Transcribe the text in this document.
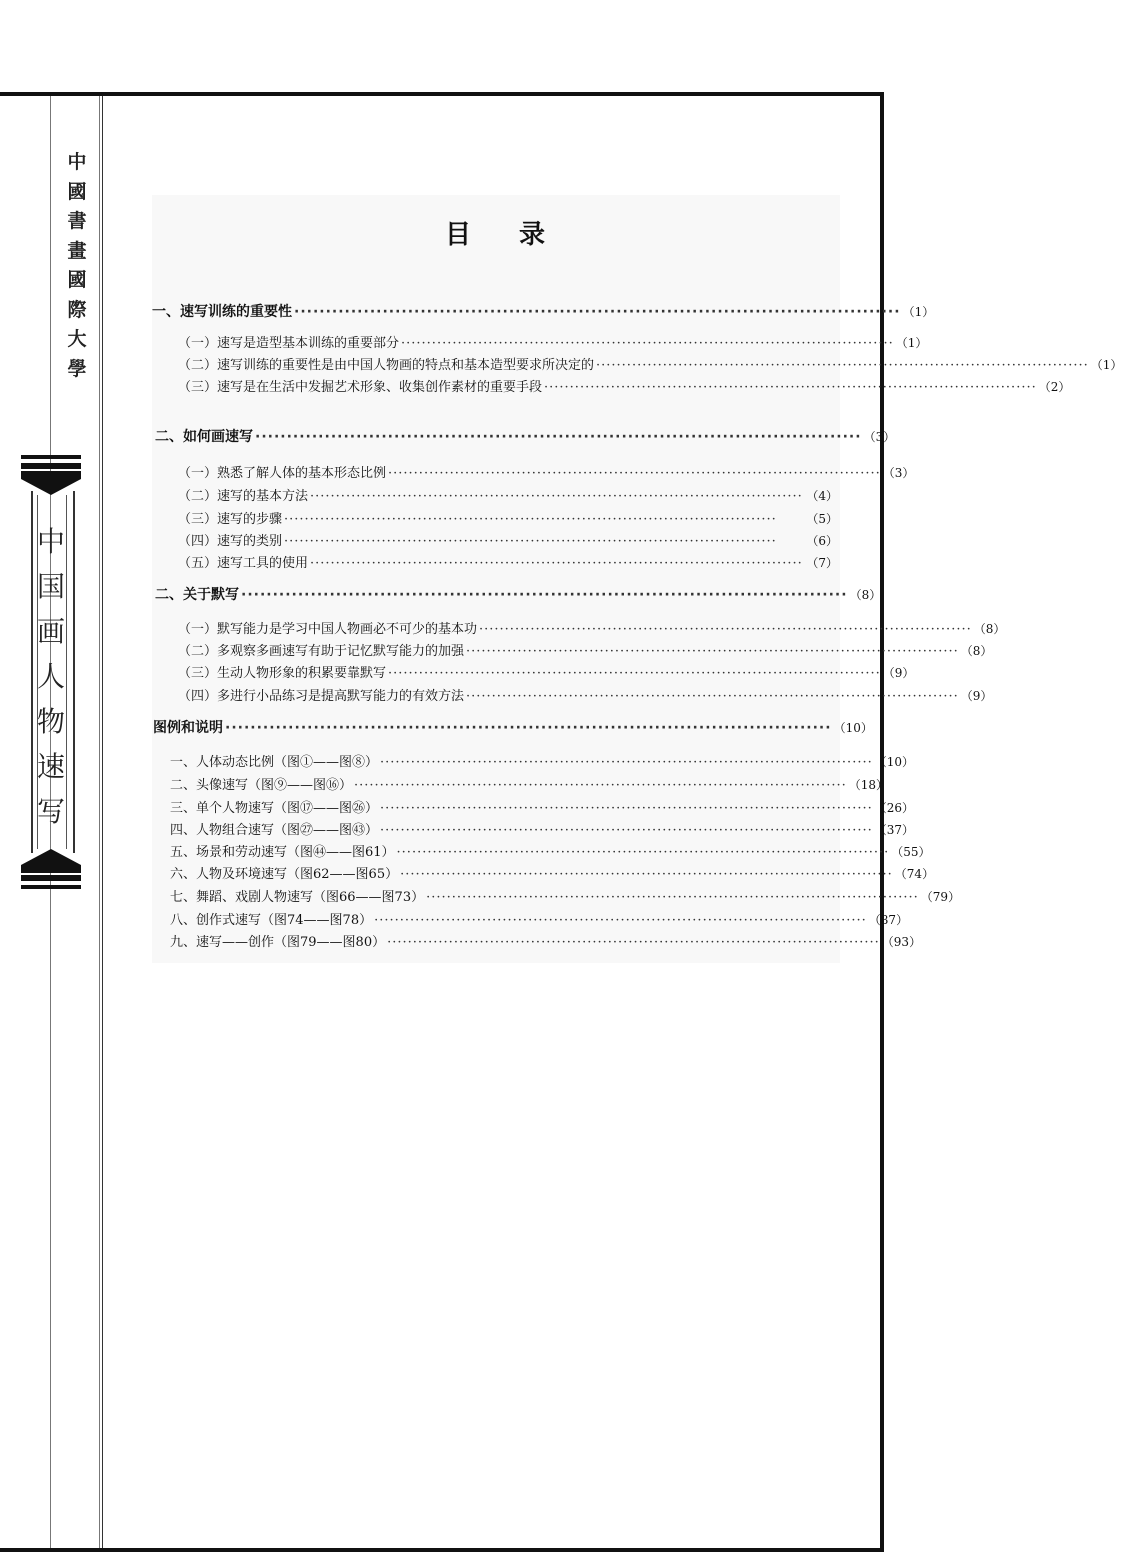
中國書畫國際大學
中国画人物速写
目录
一、速写训练的重要性 ································································································ （1）
（一）速写是造型基本训练的重要部分 ································································································ （1）
（二）速写训练的重要性是由中国人物画的特点和基本造型要求所决定的 ································································································ （1）
（三）速写是在生活中发掘艺术形象、收集创作素材的重要手段 ································································································ （2）
二、如何画速写 ································································································ （3）
（一）熟悉了解人体的基本形态比例 ································································································ （3）
（二）速写的基本方法 ································································································ （4）
（三）速写的步骤 ································································································	（5）
（四）速写的类别 ································································································	（6）
（五）速写工具的使用 ································································································ （7）
二、关于默写 ································································································ （8）
（一）默写能力是学习中国人物画必不可少的基本功 ································································································ （8）
（二）多观察多画速写有助于记忆默写能力的加强 ································································································ （8）
（三）生动人物形象的积累要靠默写 ································································································ （9）
（四）多进行小品练习是提高默写能力的有效方法 ································································································ （9）
图例和说明 ································································································ （10）
一、人体动态比例（图①——图⑧） ································································································ （10）
二、头像速写（图⑨——图⑯） ································································································ （18）
三、单个人物速写（图⑰——图㉖） ································································································ （26）
四、人物组合速写（图㉗——图㊸） ································································································ （37）
五、场景和劳动速写（图㊹——图61） ································································································ （55）
六、人物及环境速写（图62——图65） ································································································ （74）
七、舞蹈、戏剧人物速写（图66——图73） ································································································ （79）
八、创作式速写（图74——图78） ································································································ （87）
九、速写——创作（图79——图80） ································································································ （93）
